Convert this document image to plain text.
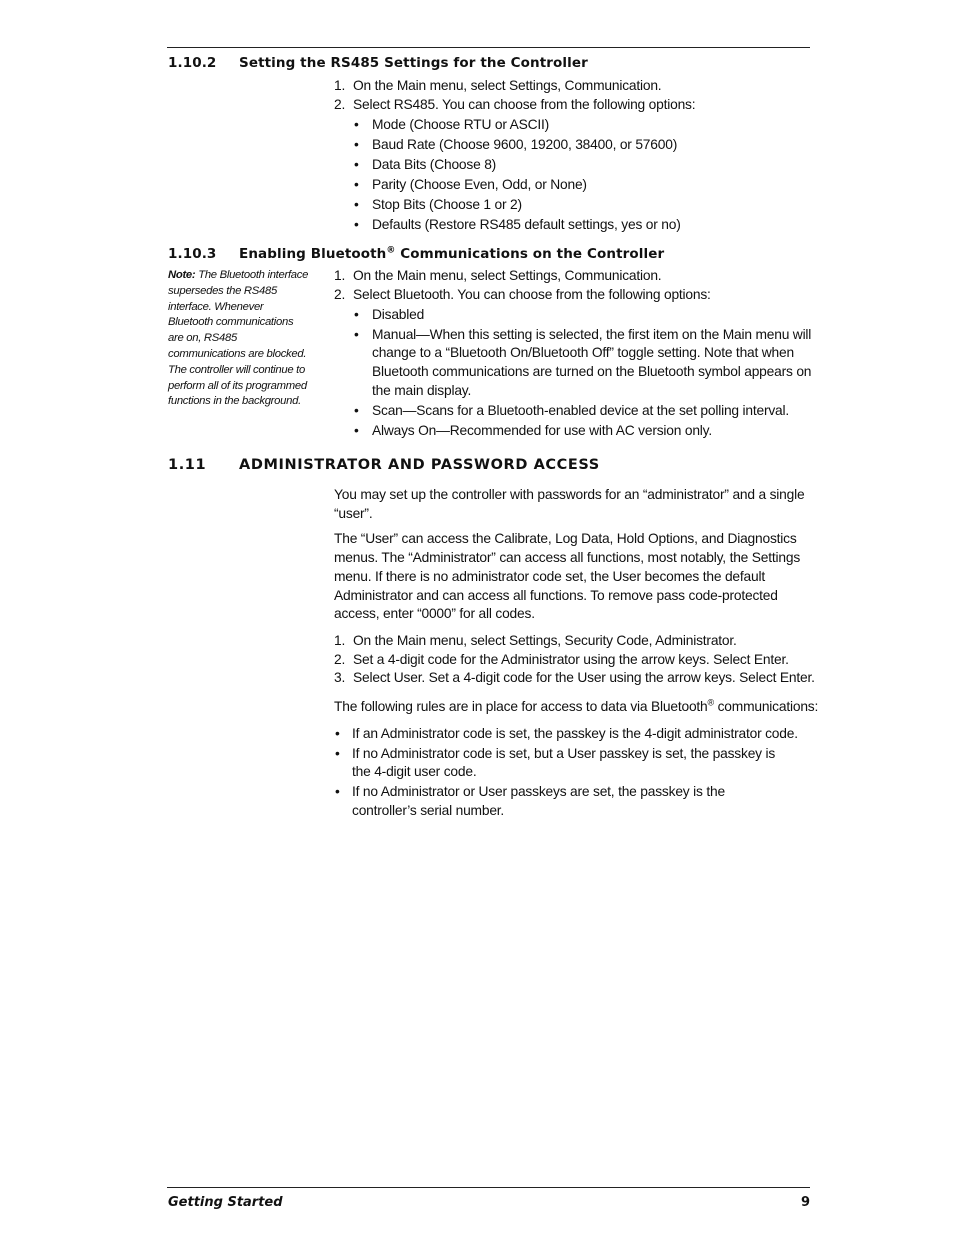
1.10.2 Setting the RS485 Settings for the Controller
1. On the Main menu, select Settings, Communication.
2. Select RS485. You can choose from the following options:
• Mode (Choose RTU or ASCII)
• Baud Rate (Choose 9600, 19200, 38400, or 57600)
• Data Bits (Choose 8)
• Parity (Choose Even, Odd, or None)
• Stop Bits (Choose 1 or 2)
• Defaults (Restore RS485 default settings, yes or no)
1.10.3 Enabling Bluetooth® Communications on the Controller
Note: The Bluetooth interface
supersedes the RS485
interface. Whenever
Bluetooth communications
are on, RS485
communications are blocked.
The controller will continue to
perform all of its programmed
functions in the background.
1. On the Main menu, select Settings, Communication.
2. Select Bluetooth. You can choose from the following options:
• Disabled
• Manual—When this setting is selected, the first item on the Main menu will change to a “Bluetooth On/Bluetooth Off” toggle setting. Note that when Bluetooth communications are turned on the Bluetooth symbol appears on the main display.
• Scan—Scans for a Bluetooth-enabled device at the set polling interval.
• Always On—Recommended for use with AC version only.
1.11 ADMINISTRATOR AND PASSWORD ACCESS
You may set up the controller with passwords for an “administrator” and a single “user”.
The “User” can access the Calibrate, Log Data, Hold Options, and Diagnostics menus. The “Administrator” can access all functions, most notably, the Settings menu. If there is no administrator code set, the User becomes the default Administrator and can access all functions. To remove pass code-protected access, enter “0000” for all codes.
1. On the Main menu, select Settings, Security Code, Administrator.
2. Set a 4-digit code for the Administrator using the arrow keys. Select Enter.
3. Select User. Set a 4-digit code for the User using the arrow keys. Select Enter.
The following rules are in place for access to data via Bluetooth® communications:
• If an Administrator code is set, the passkey is the 4-digit administrator code.
• If no Administrator code is set, but a User passkey is set, the passkey is the 4-digit user code.
• If no Administrator or User passkeys are set, the passkey is the controller’s serial number.
Getting Started	9
